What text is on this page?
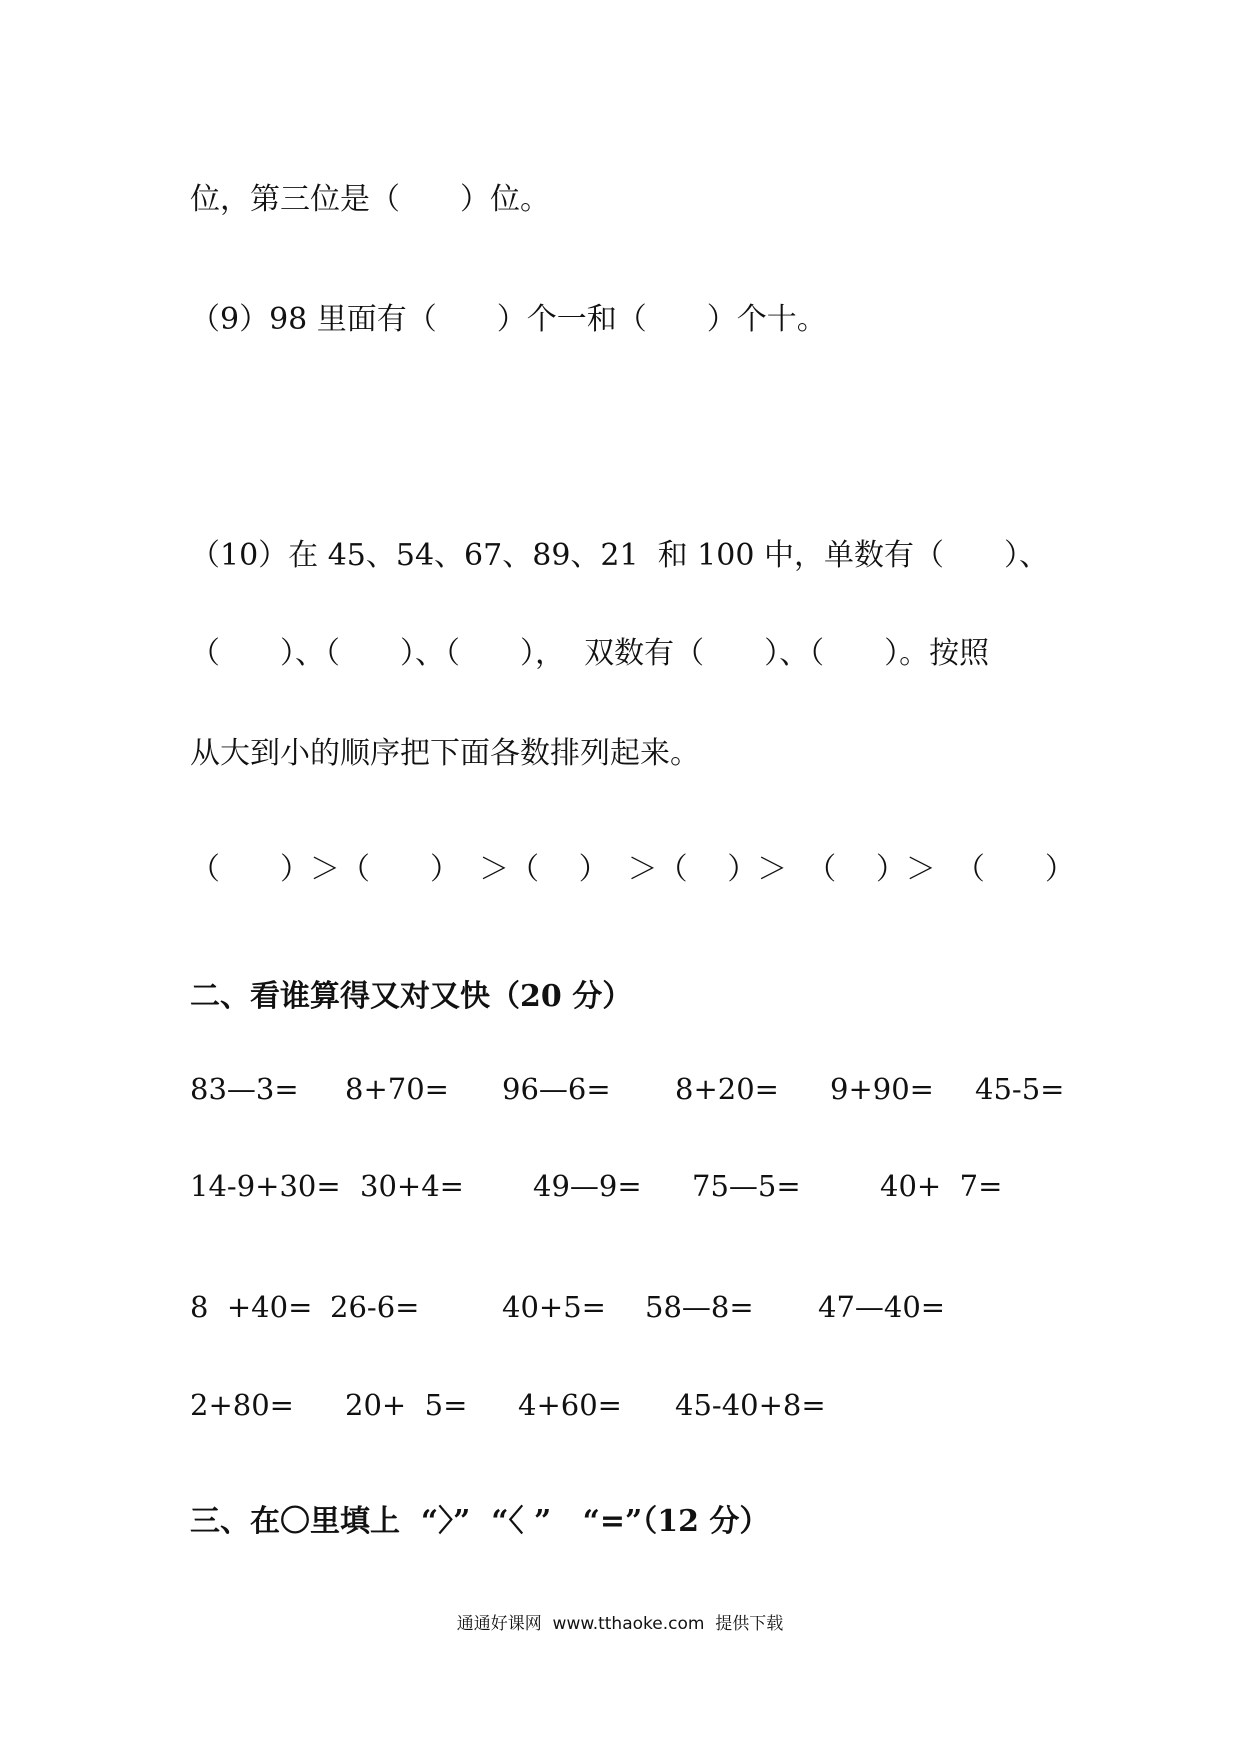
位，第三位是（　　）位。
（9）98 里面有（　　）个一和（　　）个十。
（10）在 45、54、67、89、21  和 100 中，单数有（　　）、
（　　）、（　　）、（　　），  双数有（　　）、（　　）。按照
从大到小的顺序把下面各数排列起来。
（　　）＞（　　）  ＞（　 ）  ＞（　 ）＞  （　 ）＞  （　　）
二、看谁算得又对又快（20 分）
83—3= 8+70= 96—6= 8+20= 9+90= 45-5=
14-9+30= 30+4= 49—9= 75—5=	40+  7=
8  +40= 26-6=	40+5= 58—8= 47—40=
2+80= 20+  5= 4+60= 45-40+8=
三、在〇里填上  “〉”  “〈 ”   “=”（12 分）
通通好课网  www.tthaoke.com  提供下载
